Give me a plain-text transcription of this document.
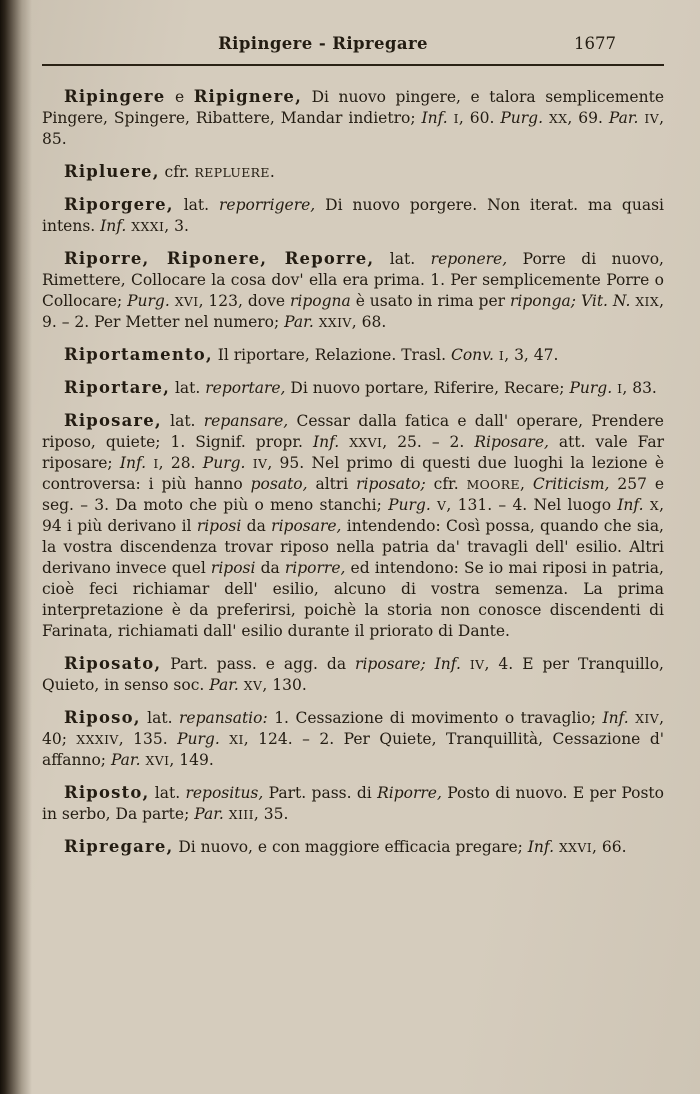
Ripingere - Ripregare	1677

Ripingere e Ripignere, Di nuovo pingere, e talora semplicemente Pingere, Spingere, Ribattere, Mandar indietro; Inf. I, 60. Purg. XX, 69. Par. IV, 85.

Ripluere, cfr. REPLUERE.

Riporgere, lat. reporrigere, Di nuovo porgere. Non iterat. ma quasi intens. Inf. XXXI, 3.

Riporre, Riponere, Reporre, lat. reponere, Porre di nuovo, Rimettere, Collocare la cosa dov' ella era prima. 1. Per semplicemente Porre o Collocare; Purg. XVI, 123, dove ripogna è usato in rima per riponga; Vit. N. XIX, 9. – 2. Per Metter nel numero; Par. XXIV, 68.

Riportamento, Il riportare, Relazione. Trasl. Conv. I, 3, 47.

Riportare, lat. reportare, Di nuovo portare, Riferire, Recare; Purg. I, 83.

Riposare, lat. repansare, Cessar dalla fatica e dall' operare, Prendere riposo, quiete; 1. Signif. propr. Inf. XXVI, 25. – 2. Riposare, att. vale Far riposare; Inf. I, 28. Purg. IV, 95. Nel primo di questi due luoghi la lezione è controversa: i più hanno posato, altri riposato; cfr. MOORE, Criticism, 257 e seg. – 3. Da moto che più o meno stanchi; Purg. V, 131. – 4. Nel luogo Inf. X, 94 i più derivano il riposi da riposare, intendendo: Così possa, quando che sia, la vostra discendenza trovar riposo nella patria da' travagli dell' esilio. Altri derivano invece quel riposi da riporre, ed intendono: Se io mai riposi in patria, cioè feci richiamar dell' esilio, alcuno di vostra semenza. La prima interpretazione è da preferirsi, poichè la storia non conosce discendenti di Farinata, richiamati dall' esilio durante il priorato di Dante.

Riposato, Part. pass. e agg. da riposare; Inf. IV, 4. E per Tranquillo, Quieto, in senso soc. Par. XV, 130.

Riposo, lat. repansatio: 1. Cessazione di movimento o travaglio; Inf. XIV, 40; XXXIV, 135. Purg. XI, 124. – 2. Per Quiete, Tranquillità, Cessazione d' affanno; Par. XVI, 149.

Riposto, lat. repositus, Part. pass. di Riporre, Posto di nuovo. E per Posto in serbo, Da parte; Par. XIII, 35.

Ripregare, Di nuovo, e con maggiore efficacia pregare; Inf. XXVI, 66.
